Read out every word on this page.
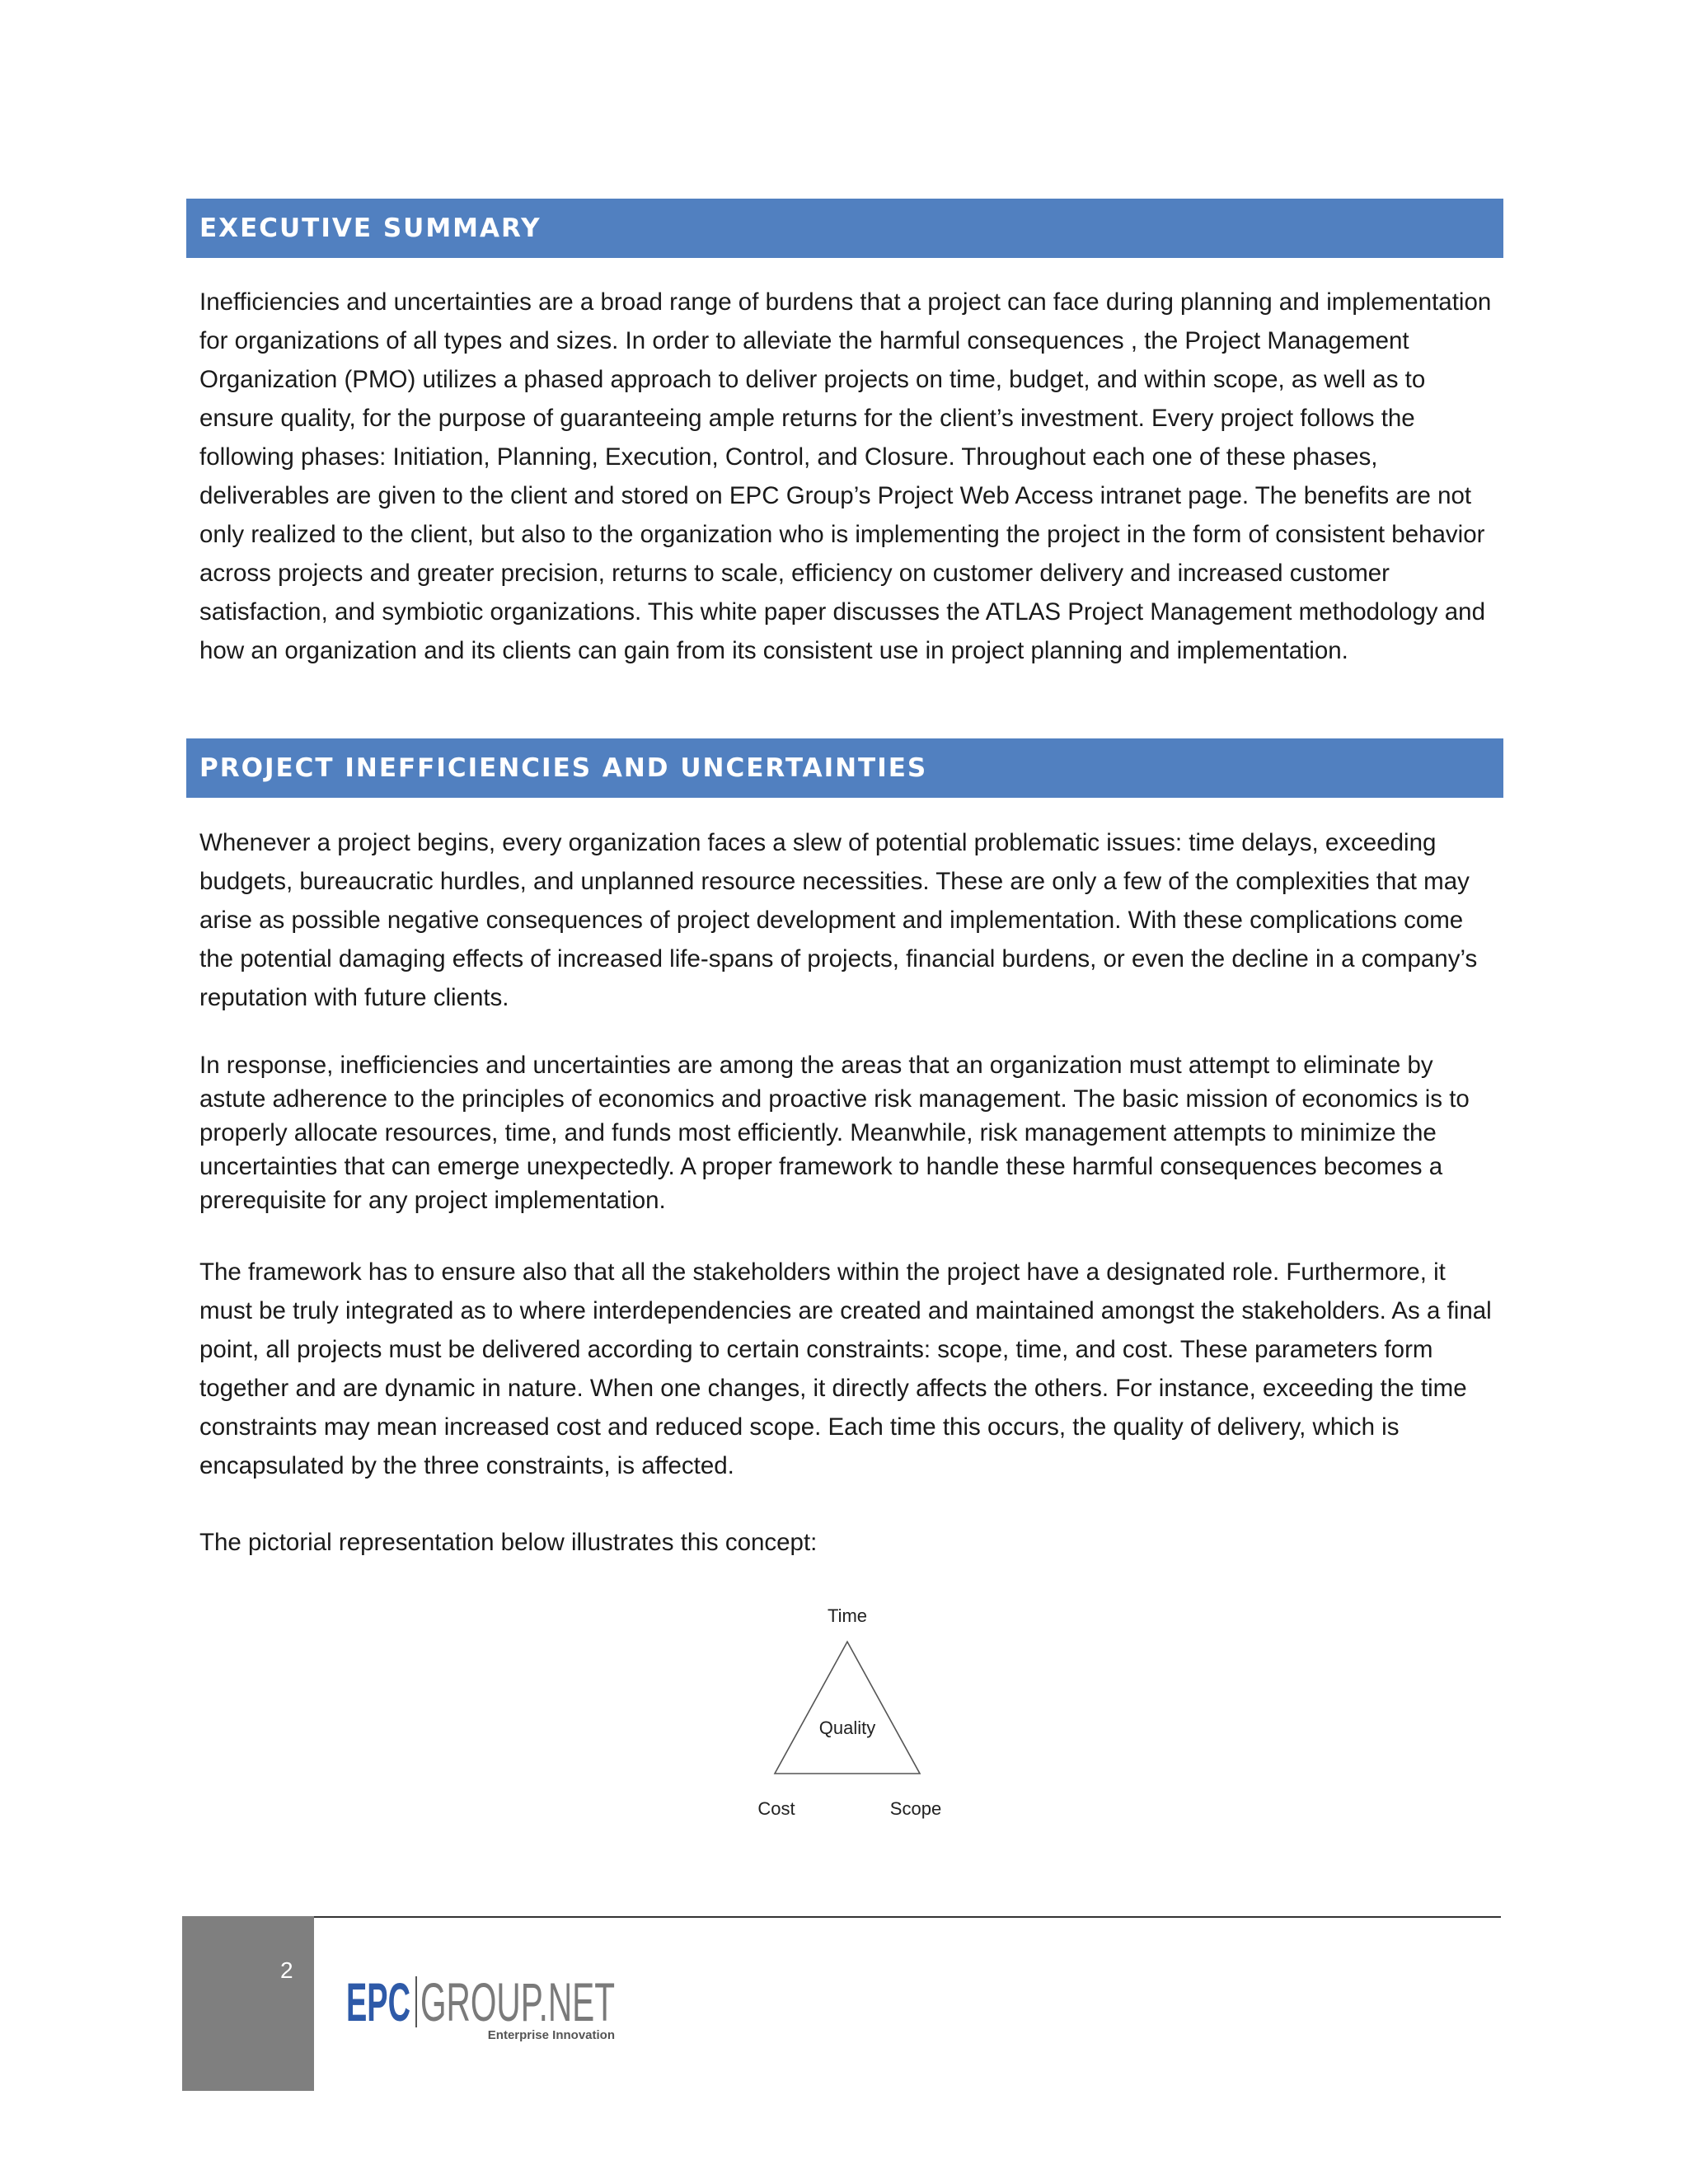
EXECUTIVE SUMMARY

Inefficiencies and uncertainties are a broad range of burdens that a project can face during planning and implementation for organizations of all types and sizes. In order to alleviate the harmful consequences , the Project Management Organization (PMO) utilizes a phased approach to deliver projects on time, budget, and within scope, as well as to ensure quality, for the purpose of guaranteeing ample returns for the client’s investment. Every project follows the following phases: Initiation, Planning, Execution, Control, and Closure. Throughout each one of these phases, deliverables are given to the client and stored on EPC Group’s Project Web Access intranet page. The benefits are not only realized to the client, but also to the organization who is implementing the project in the form of consistent behavior across projects and greater precision, returns to scale, efficiency on customer delivery and increased customer satisfaction, and symbiotic organizations. This white paper discusses the ATLAS Project Management methodology and how an organization and its clients can gain from its consistent use in project planning and implementation.

PROJECT INEFFICIENCIES AND UNCERTAINTIES

Whenever a project begins, every organization faces a slew of potential problematic issues: time delays, exceeding budgets, bureaucratic hurdles, and unplanned resource necessities. These are only a few of the complexities that may arise as possible negative consequences of project development and implementation. With these complications come the potential damaging effects of increased life-spans of projects, financial burdens, or even the decline in a company’s reputation with future clients.

In response, inefficiencies and uncertainties are among the areas that an organization must attempt to eliminate by astute adherence to the principles of economics and proactive risk management. The basic mission of economics is to properly allocate resources, time, and funds most efficiently. Meanwhile, risk management attempts to minimize the uncertainties that can emerge unexpectedly. A proper framework to handle these harmful consequences becomes a prerequisite for any project implementation.

The framework has to ensure also that all the stakeholders within the project have a designated role. Furthermore, it must be truly integrated as to where interdependencies are created and maintained amongst the stakeholders. As a final point, all projects must be delivered according to certain constraints: scope, time, and cost. These parameters form together and are dynamic in nature. When one changes, it directly affects the others. For instance, exceeding the time constraints may mean increased cost and reduced scope. Each time this occurs, the quality of delivery, which is encapsulated by the three constraints, is affected.

The pictorial representation below illustrates this concept:

Time
Quality
Cost	Scope
2
EPC GROUP.NET
Enterprise Innovation
